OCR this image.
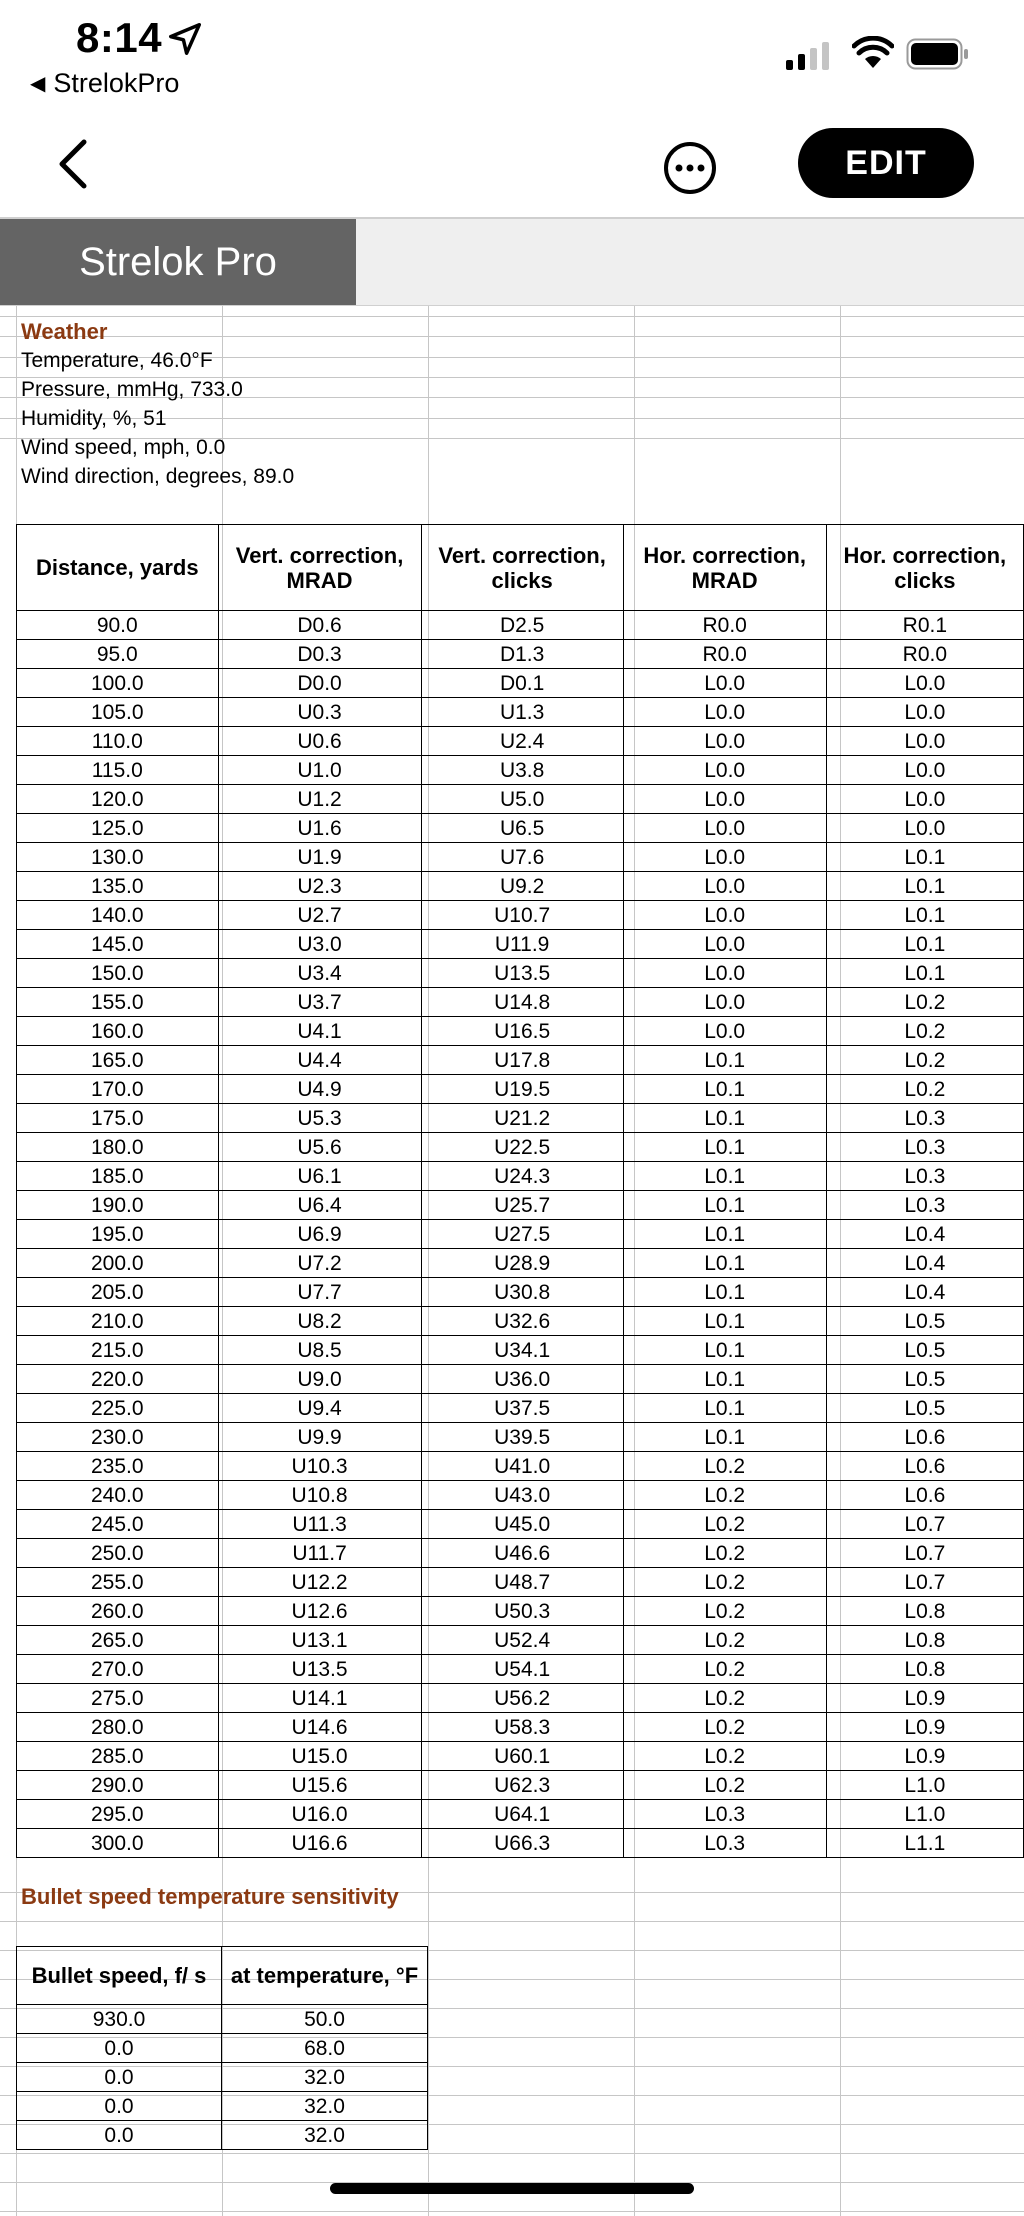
8:14
◀ StrelokPro
EDIT
Strelok Pro
Weather
Temperature, 46.0°F
Pressure, mmHg, 733.0
Humidity, %, 51
Wind speed, mph, 0.0
Wind direction, degrees, 89.0
Distance, yards	Vert. correction, MRAD	Vert. correction, clicks	Hor. correction, MRAD	Hor. correction, clicks
90.0	D0.6	D2.5	R0.0	R0.1
95.0	D0.3	D1.3	R0.0	R0.0
100.0	D0.0	D0.1	L0.0	L0.0
105.0	U0.3	U1.3	L0.0	L0.0
110.0	U0.6	U2.4	L0.0	L0.0
115.0	U1.0	U3.8	L0.0	L0.0
120.0	U1.2	U5.0	L0.0	L0.0
125.0	U1.6	U6.5	L0.0	L0.0
130.0	U1.9	U7.6	L0.0	L0.1
135.0	U2.3	U9.2	L0.0	L0.1
140.0	U2.7	U10.7	L0.0	L0.1
145.0	U3.0	U11.9	L0.0	L0.1
150.0	U3.4	U13.5	L0.0	L0.1
155.0	U3.7	U14.8	L0.0	L0.2
160.0	U4.1	U16.5	L0.0	L0.2
165.0	U4.4	U17.8	L0.1	L0.2
170.0	U4.9	U19.5	L0.1	L0.2
175.0	U5.3	U21.2	L0.1	L0.3
180.0	U5.6	U22.5	L0.1	L0.3
185.0	U6.1	U24.3	L0.1	L0.3
190.0	U6.4	U25.7	L0.1	L0.3
195.0	U6.9	U27.5	L0.1	L0.4
200.0	U7.2	U28.9	L0.1	L0.4
205.0	U7.7	U30.8	L0.1	L0.4
210.0	U8.2	U32.6	L0.1	L0.5
215.0	U8.5	U34.1	L0.1	L0.5
220.0	U9.0	U36.0	L0.1	L0.5
225.0	U9.4	U37.5	L0.1	L0.5
230.0	U9.9	U39.5	L0.1	L0.6
235.0	U10.3	U41.0	L0.2	L0.6
240.0	U10.8	U43.0	L0.2	L0.6
245.0	U11.3	U45.0	L0.2	L0.7
250.0	U11.7	U46.6	L0.2	L0.7
255.0	U12.2	U48.7	L0.2	L0.7
260.0	U12.6	U50.3	L0.2	L0.8
265.0	U13.1	U52.4	L0.2	L0.8
270.0	U13.5	U54.1	L0.2	L0.8
275.0	U14.1	U56.2	L0.2	L0.9
280.0	U14.6	U58.3	L0.2	L0.9
285.0	U15.0	U60.1	L0.2	L0.9
290.0	U15.6	U62.3	L0.2	L1.0
295.0	U16.0	U64.1	L0.3	L1.0
300.0	U16.6	U66.3	L0.3	L1.1
Bullet speed temperature sensitivity
Bullet speed, f/ s	at temperature, °F
930.0	50.0
0.0	68.0
0.0	32.0
0.0	32.0
0.0	32.0
